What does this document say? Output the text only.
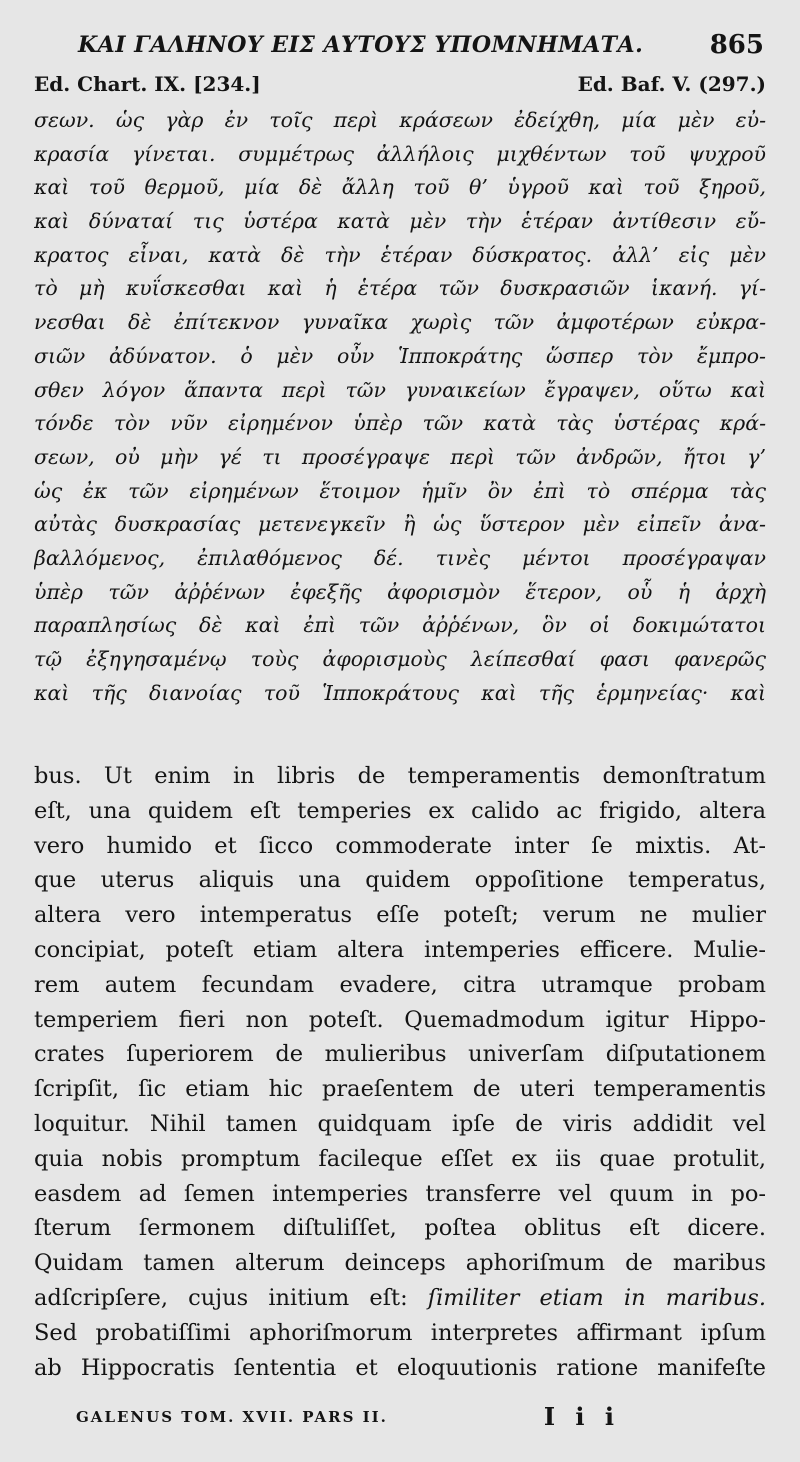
ΚΑΙ ΓΑΛΗΝΟΥ ΕΙΣ ΑΥΤΟΥΣ ΥΠΟΜΝΗΜΑΤΑ.	865
Ed. Chart. IX. [234.]	Ed. Baf. V. (297.)
σεων. ὡς γὰρ ἐν τοῖς περὶ κράσεων ἐδείχθη, μία μὲν εὐ-
κρασία γίνεται. συμμέτρως ἀλλήλοις μιχθέντων τοῦ ψυχροῦ
καὶ τοῦ θερμοῦ, μία δὲ ἄλλη τοῦ θ’ ὑγροῦ καὶ τοῦ ξηροῦ,
καὶ δύναταί τις ὑστέρα κατὰ μὲν τὴν ἑτέραν ἀντίθεσιν εὔ-
κρατος εἶναι, κατὰ δὲ τὴν ἑτέραν δύσκρατος. ἀλλ’ εἰς μὲν
τὸ μὴ κυΐσκεσθαι καὶ ἡ ἑτέρα τῶν δυσκρασιῶν ἱκανή. γί-
νεσθαι δὲ ἐπίτεκνον γυναῖκα χωρὶς τῶν ἀμφοτέρων εὐκρα-
σιῶν ἀδύνατον. ὁ μὲν οὖν Ἱπποκράτης ὥσπερ τὸν ἔμπρο-
σθεν λόγον ἅπαντα περὶ τῶν γυναικείων ἔγραψεν, οὕτω καὶ
τόνδε τὸν νῦν εἰρημένον ὑπὲρ τῶν κατὰ τὰς ὑστέρας κρά-
σεων, οὐ μὴν γέ τι προσέγραψε περὶ τῶν ἀνδρῶν, ἤτοι γ’
ὡς ἐκ τῶν εἰρημένων ἕτοιμον ἡμῖν ὂν ἐπὶ τὸ σπέρμα τὰς
αὐτὰς δυσκρασίας μετενεγκεῖν ἢ ὡς ὕστερον μὲν εἰπεῖν ἀνα-
βαλλόμενος, ἐπιλαθόμενος δέ. τινὲς μέντοι προσέγραψαν
ὑπὲρ τῶν ἀῤῥένων ἐφεξῆς ἀφορισμὸν ἕτερον, οὗ ἡ ἀρχὴ
παραπλησίως δὲ καὶ ἐπὶ τῶν ἀῤῥένων, ὃν οἱ δοκιμώτατοι
τῷ ἐξηγησαμένῳ τοὺς ἀφορισμοὺς λείπεσθαί φασι φανερῶς
καὶ τῆς διανοίας τοῦ Ἱπποκράτους καὶ τῆς ἑρμηνείας· καὶ
bus. Ut enim in libris de temperamentis demonſtratum
eſt, una quidem eſt temperies ex calido ac frigido, altera
vero humido et ſicco commoderate inter ſe mixtis. At-
que uterus aliquis una quidem oppoſitione temperatus,
altera vero intemperatus eſſe poteſt; verum ne mulier
concipiat, poteſt etiam altera intemperies efficere. Mulie-
rem autem fecundam evadere, citra utramque probam
temperiem fieri non poteſt. Quemadmodum igitur Hippo-
crates ſuperiorem de mulieribus univerſam diſputationem
ſcripſit, ſic etiam hic praeſentem de uteri temperamentis
loquitur. Nihil tamen quidquam ipſe de viris addidit vel
quia nobis promptum facileque eſſet ex iis quae protulit,
easdem ad ſemen intemperies transferre vel quum in po-
ſterum ſermonem diſtuliſſet, poſtea oblitus eſt dicere.
Quidam tamen alterum deinceps aphoriſmum de maribus
adſcripſere, cujus initium eſt: ſimiliter etiam in maribus.
Sed probatiſſimi aphoriſmorum interpretes affirmant ipſum
ab Hippocratis ſententia et eloquutionis ratione manifeſte
GALENUS TOM. XVII. PARS II.	I i i
